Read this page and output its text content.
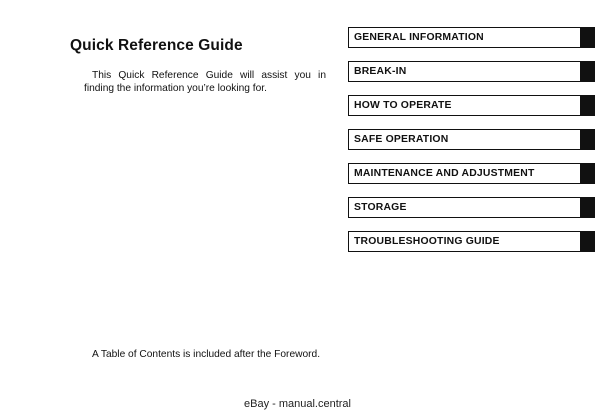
Quick Reference Guide
This Quick Reference Guide will assist you in finding the information you’re looking for.
A Table of Contents is included after the Foreword.
GENERAL INFORMATION
BREAK-IN
HOW TO OPERATE
SAFE OPERATION
MAINTENANCE AND ADJUSTMENT
STORAGE
TROUBLESHOOTING GUIDE
eBay - manual.central
